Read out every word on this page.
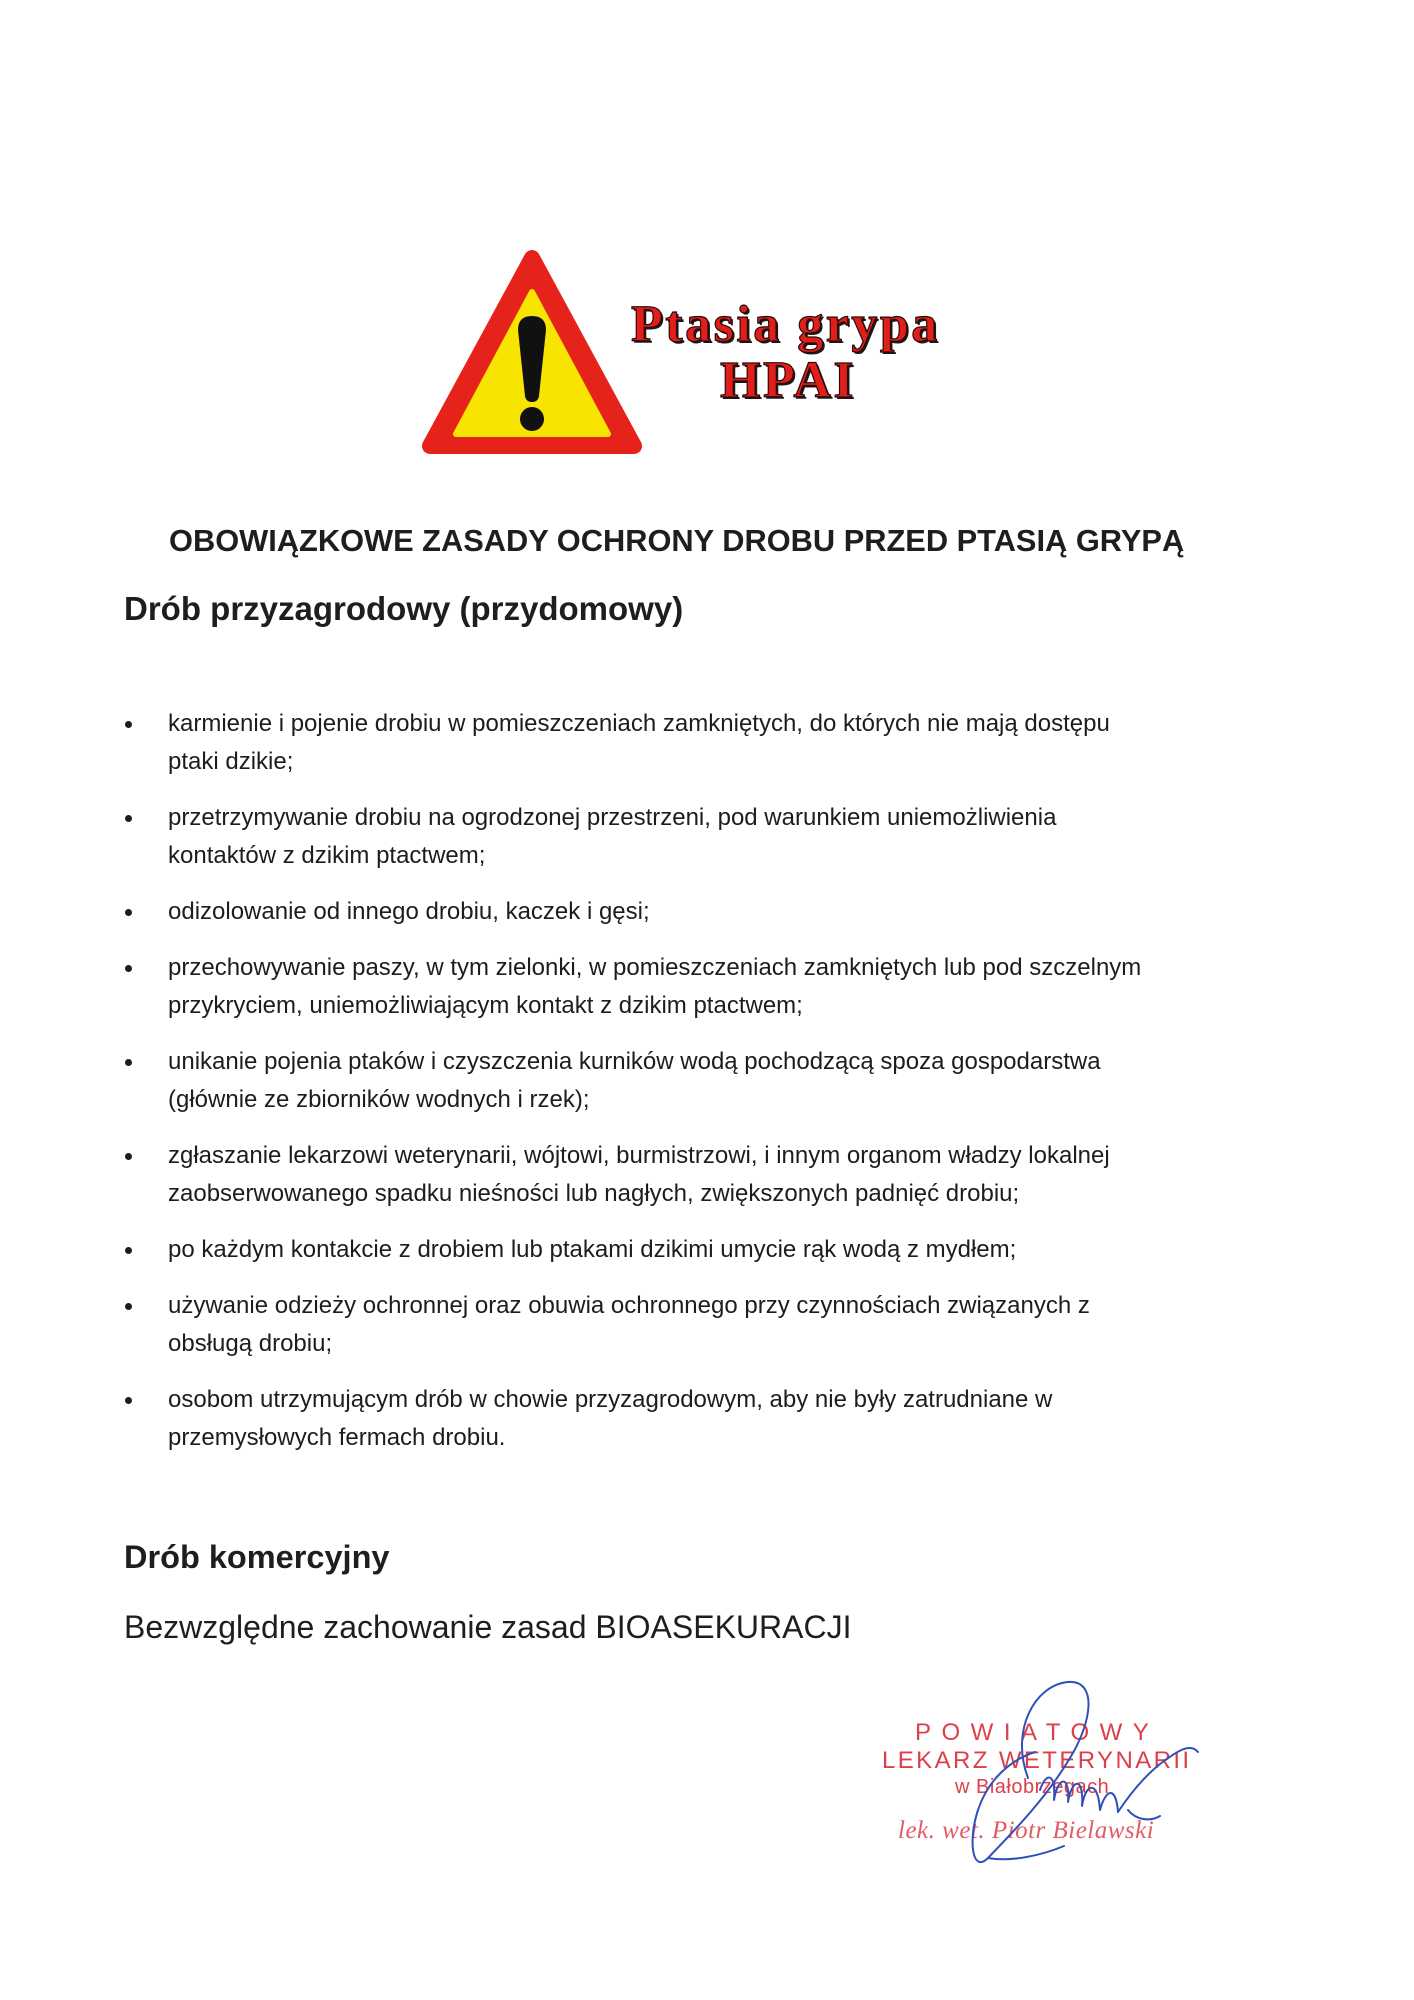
Ptasia grypa
HPAI
OBOWIĄZKOWE ZASADY OCHRONY DROBU PRZED PTASIĄ GRYPĄ
Drób przyzagrodowy (przydomowy)
karmienie i pojenie drobiu w pomieszczeniach zamkniętych, do których nie mają dostępu
ptaki dzikie;
przetrzymywanie drobiu na ogrodzonej przestrzeni, pod warunkiem uniemożliwienia
kontaktów z dzikim ptactwem;
odizolowanie od innego drobiu, kaczek i gęsi;
przechowywanie paszy, w tym zielonki, w pomieszczeniach zamkniętych lub pod szczelnym
przykryciem, uniemożliwiającym kontakt z dzikim ptactwem;
unikanie pojenia ptaków i czyszczenia kurników wodą pochodzącą spoza gospodarstwa
(głównie ze zbiorników wodnych i rzek);
zgłaszanie lekarzowi weterynarii, wójtowi, burmistrzowi, i innym organom władzy lokalnej
zaobserwowanego spadku nieśności lub nagłych, zwiększonych padnięć drobiu;
po każdym kontakcie z drobiem lub ptakami dzikimi umycie rąk wodą z mydłem;
używanie odzieży ochronnej oraz obuwia ochronnego przy czynnościach związanych z
obsługą drobiu;
osobom utrzymującym drób w chowie przyzagrodowym, aby nie były zatrudniane w
przemysłowych fermach drobiu.
Drób komercyjny
Bezwzględne zachowanie zasad BIOASEKURACJI
POWIATOWY
LEKARZ WETERYNARII
w Białobrzegach
lek. wet. Piotr Bielawski
